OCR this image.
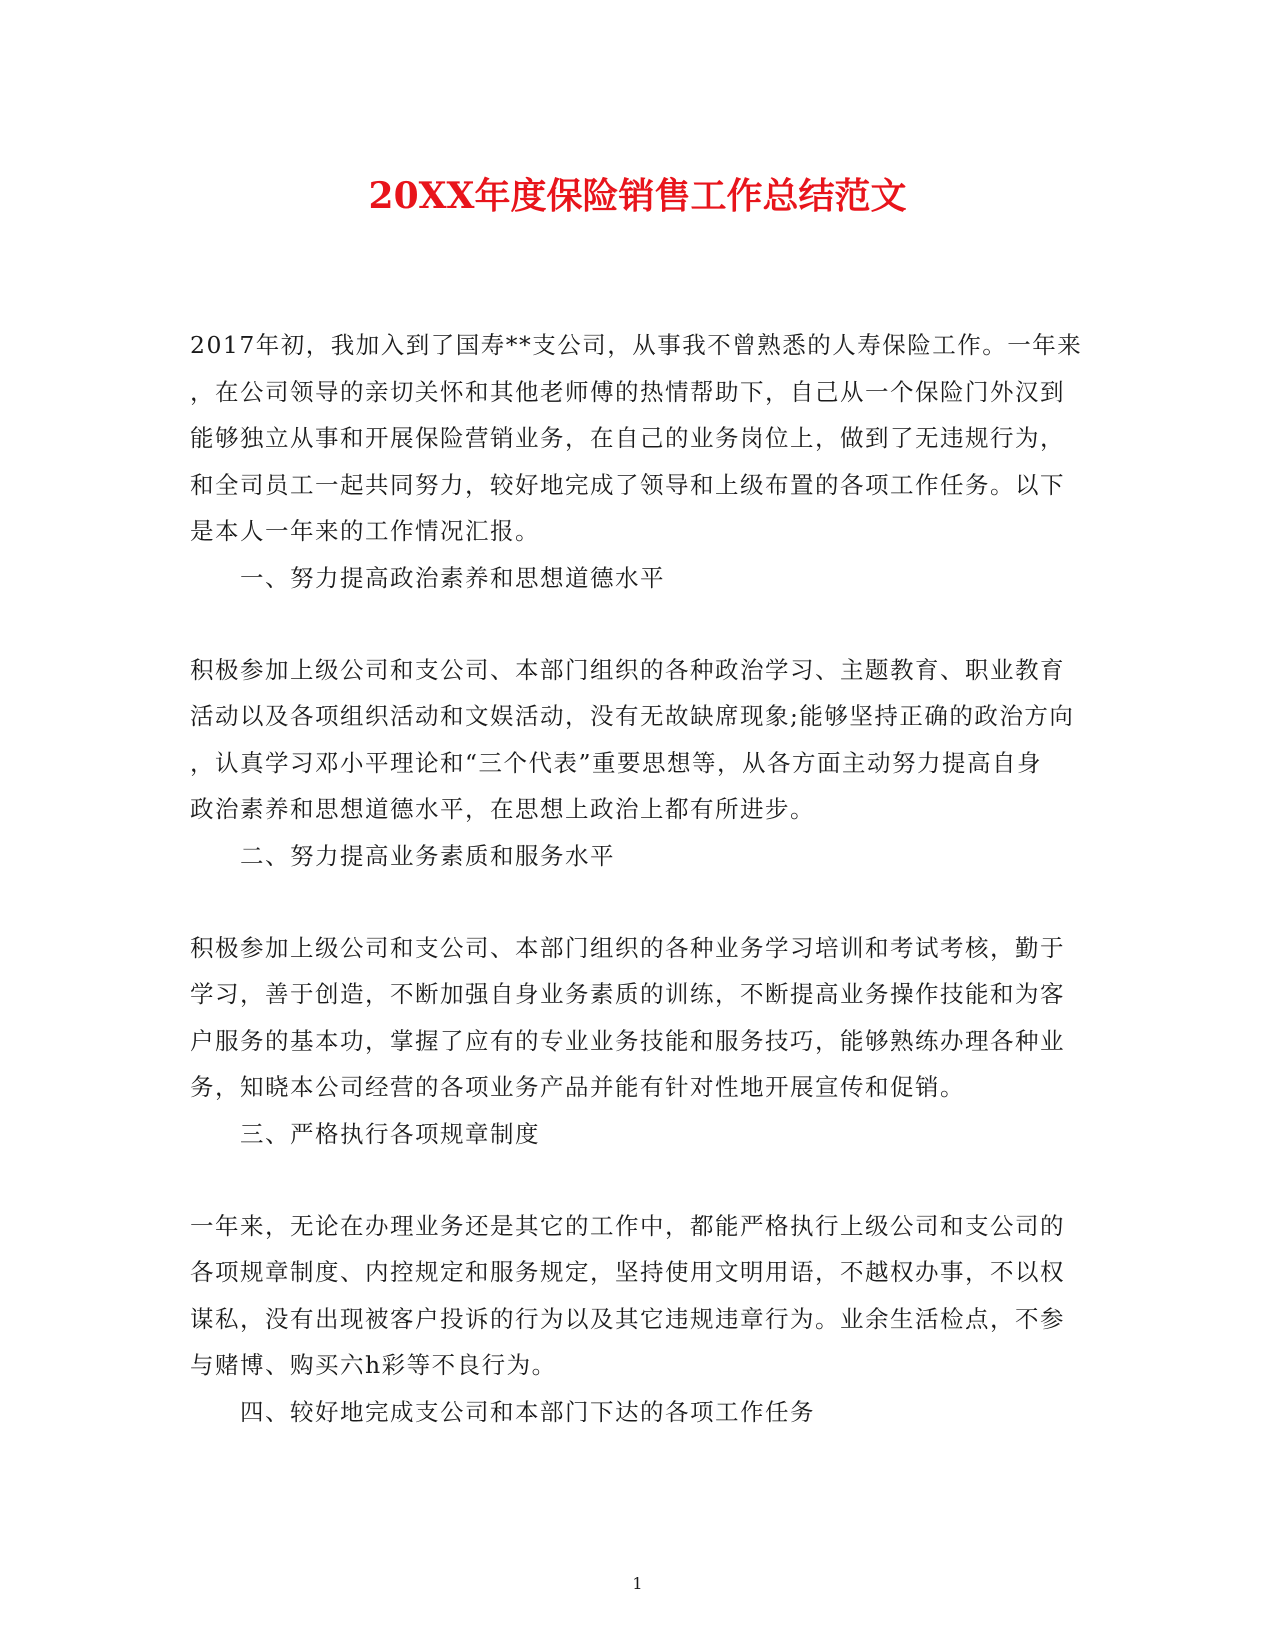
20XX年度保险销售工作总结范文
2017年初，我加入到了国寿**支公司，从事我不曾熟悉的人寿保险工作。一年来
，在公司领导的亲切关怀和其他老师傅的热情帮助下，自己从一个保险门外汉到
能够独立从事和开展保险营销业务，在自己的业务岗位上，做到了无违规行为，
和全司员工一起共同努力，较好地完成了领导和上级布置的各项工作任务。以下
是本人一年来的工作情况汇报。
一、努力提高政治素养和思想道德水平
积极参加上级公司和支公司、本部门组织的各种政治学习、主题教育、职业教育
活动以及各项组织活动和文娱活动，没有无故缺席现象;能够坚持正确的政治方向
，认真学习邓小平理论和“三个代表”重要思想等，从各方面主动努力提高自身
政治素养和思想道德水平，在思想上政治上都有所进步。
二、努力提高业务素质和服务水平
积极参加上级公司和支公司、本部门组织的各种业务学习培训和考试考核，勤于
学习，善于创造，不断加强自身业务素质的训练，不断提高业务操作技能和为客
户服务的基本功，掌握了应有的专业业务技能和服务技巧，能够熟练办理各种业
务，知晓本公司经营的各项业务产品并能有针对性地开展宣传和促销。
三、严格执行各项规章制度
一年来，无论在办理业务还是其它的工作中，都能严格执行上级公司和支公司的
各项规章制度、内控规定和服务规定，坚持使用文明用语，不越权办事，不以权
谋私，没有出现被客户投诉的行为以及其它违规违章行为。业余生活检点，不参
与赌博、购买六h彩等不良行为。
四、较好地完成支公司和本部门下达的各项工作任务
1
